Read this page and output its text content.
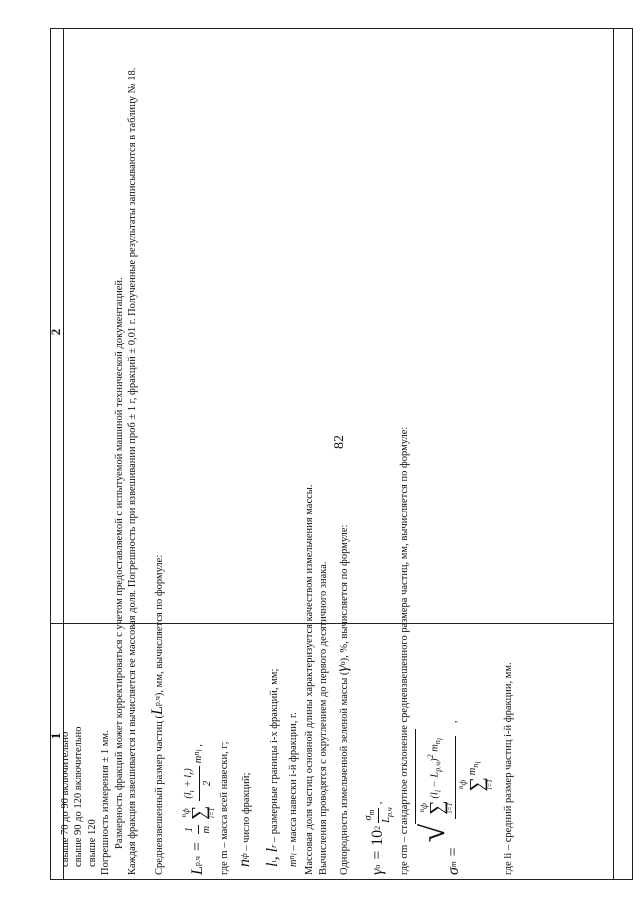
82
1
2

свыше 70 до 90 включительно свыше 90 до 120 включительно свыше 120 Погрешность измерения ± 1 мм. Размерность фракций может корректироваться с учетом предоставляемой с испытуемой машиной технической документацией. Каждая фракция взвешивается и вычисляется ее массовая доля. Погрешность при взвешивании проб ± 1 г, фракций ± 0,01 г. Полученные результаты записываются в таблицу № 18.	Средневзвешенный размер частиц (L
р.ч
), мм, вычисляется по формуле:

L
р.ч
=
1 m
$n_ф$
∑
i=1
$(l_\iota + l_r)$
2
m
$n_i$
, где m – масса всей навески, г; n
ф
– число фракций;

l
ι
, l
r
– размерные границы i-х фракций, мм;

m
$n_i$
– масса навески i-й фракции, г. Массовая доля частиц основной длины характеризуется качеством измельчения массы. Вычисления проводятся с округлением до первого десятичного знака. Однородность измельченной зеленой массы (γ
о
), %, вычисляется по формуле:

γ
о
=
10
2
$\sigma_m$
$L_{р.ч}$
, где σm – стандартное отклонение средневзвешенного размера частиц, мм, вычисляется по формуле: σ
m
=
√
$n_ф$
∑
i=1
$(l_i - L_{р.ч})^2$ $m_{n_i}$
$n_ф$
∑
i=1
$m_{n_i}$
,	где li – средний размер частиц i-й фракции, мм.
